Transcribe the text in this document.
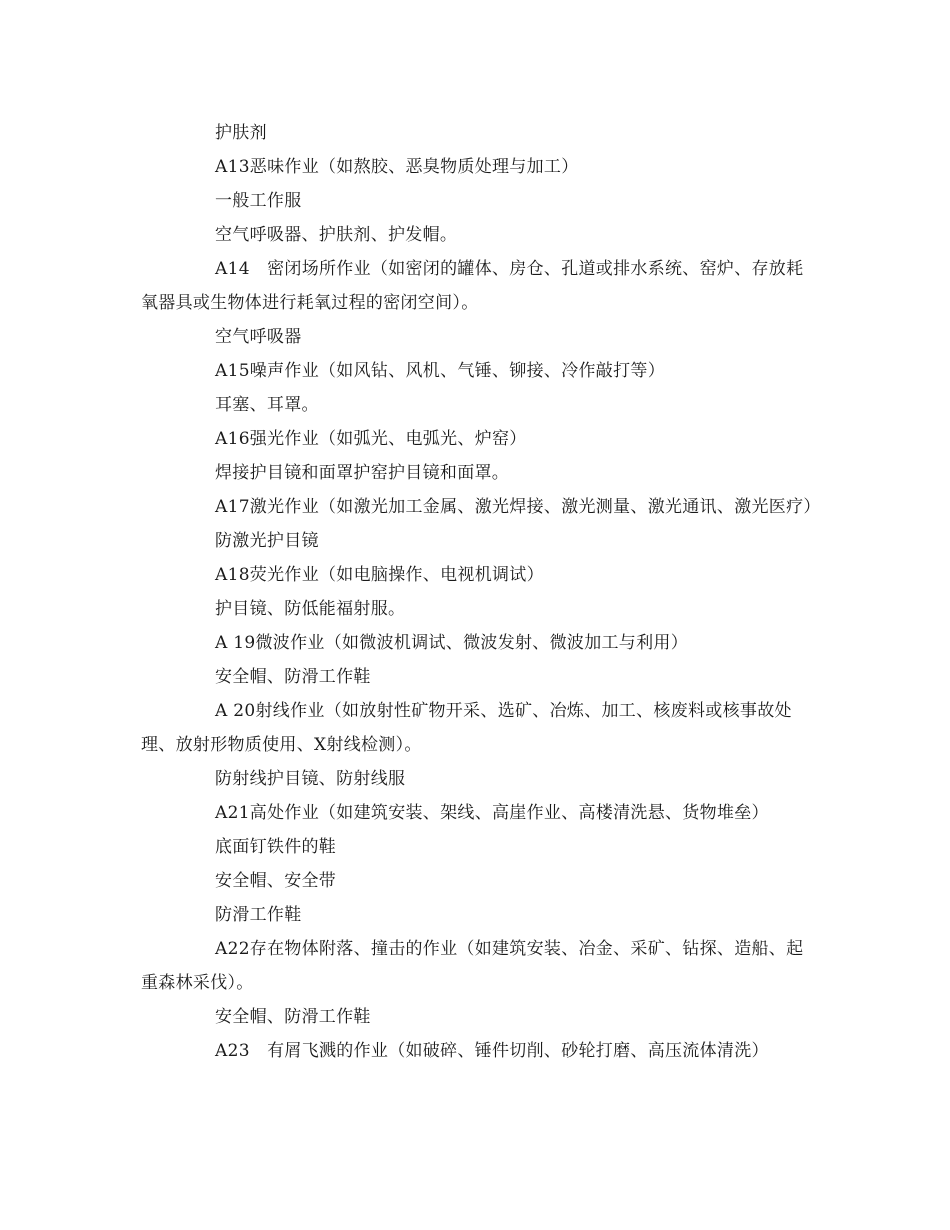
护肤剂

A13恶味作业（如熬胶、恶臭物质处理与加工）

一般工作服

空气呼吸器、护肤剂、护发帽。

A14　密闭场所作业（如密闭的罐体、房仓、孔道或排水系统、窑炉、存放耗氧器具或生物体进行耗氧过程的密闭空间）。

空气呼吸器

A15噪声作业（如风钻、风机、气锤、铆接、冷作敲打等）

耳塞、耳罩。

A16强光作业（如弧光、电弧光、炉窑）

焊接护目镜和面罩护窑护目镜和面罩。

A17激光作业（如激光加工金属、激光焊接、激光测量、激光通讯、激光医疗）

防激光护目镜

A18荧光作业（如电脑操作、电视机调试）

护目镜、防低能福射服。

A 19微波作业（如微波机调试、微波发射、微波加工与利用）

安全帽、防滑工作鞋

A 20射线作业（如放射性矿物开采、选矿、冶炼、加工、核废料或核事故处理、放射形物质使用、X射线检测）。

防射线护目镜、防射线服

A21高处作业（如建筑安装、架线、高崖作业、高楼清洗悬、货物堆垒）

底面钉铁件的鞋

安全帽、安全带

防滑工作鞋

A22存在物体附落、撞击的作业（如建筑安装、冶金、采矿、钻探、造船、起重森林采伐）。

安全帽、防滑工作鞋

A23　有屑飞溅的作业（如破碎、锤件切削、砂轮打磨、高压流体清洗）
